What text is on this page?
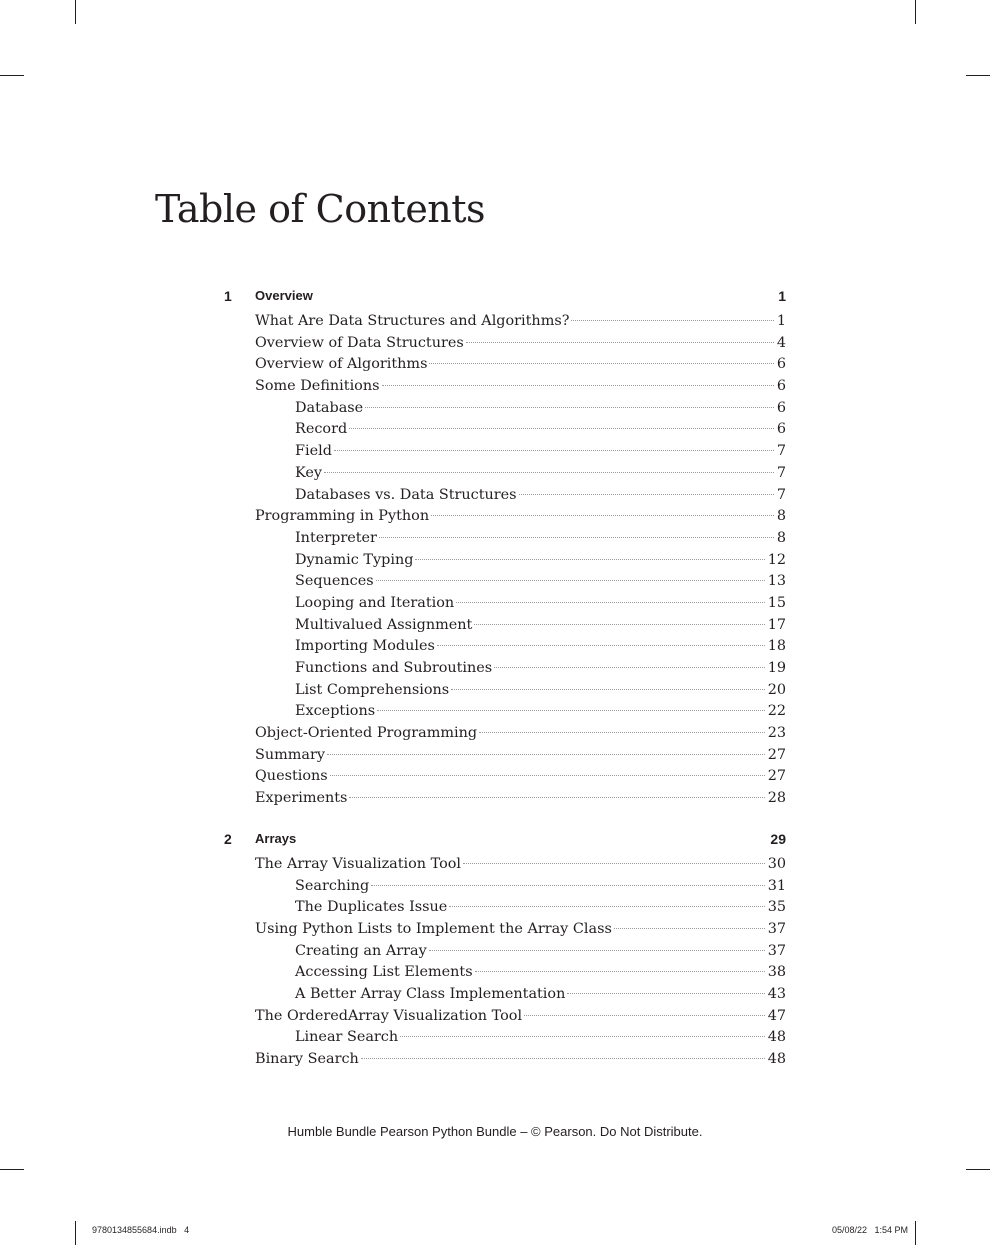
Table of Contents
1 Overview	1
What Are Data Structures and Algorithms?	1
Overview of Data Structures	4
Overview of Algorithms	6
Some Definitions	6
Database	6
Record	6
Field	7
Key	7
Databases vs. Data Structures	7
Programming in Python	8
Interpreter	8
Dynamic Typing	12
Sequences	13
Looping and Iteration	15
Multivalued Assignment	17
Importing Modules	18
Functions and Subroutines	19
List Comprehensions	20
Exceptions	22
Object-Oriented Programming	23
Summary	27
Questions	27
Experiments	28
2 Arrays	29
The Array Visualization Tool	30
Searching	31
The Duplicates Issue	35
Using Python Lists to Implement the Array Class	37
Creating an Array	37
Accessing List Elements	38
A Better Array Class Implementation	43
The OrderedArray Visualization Tool	47
Linear Search	48
Binary Search	48
Humble Bundle Pearson Python Bundle – © Pearson. Do Not Distribute.
9780134855684.indb   4	05/08/22   1:54 PM
